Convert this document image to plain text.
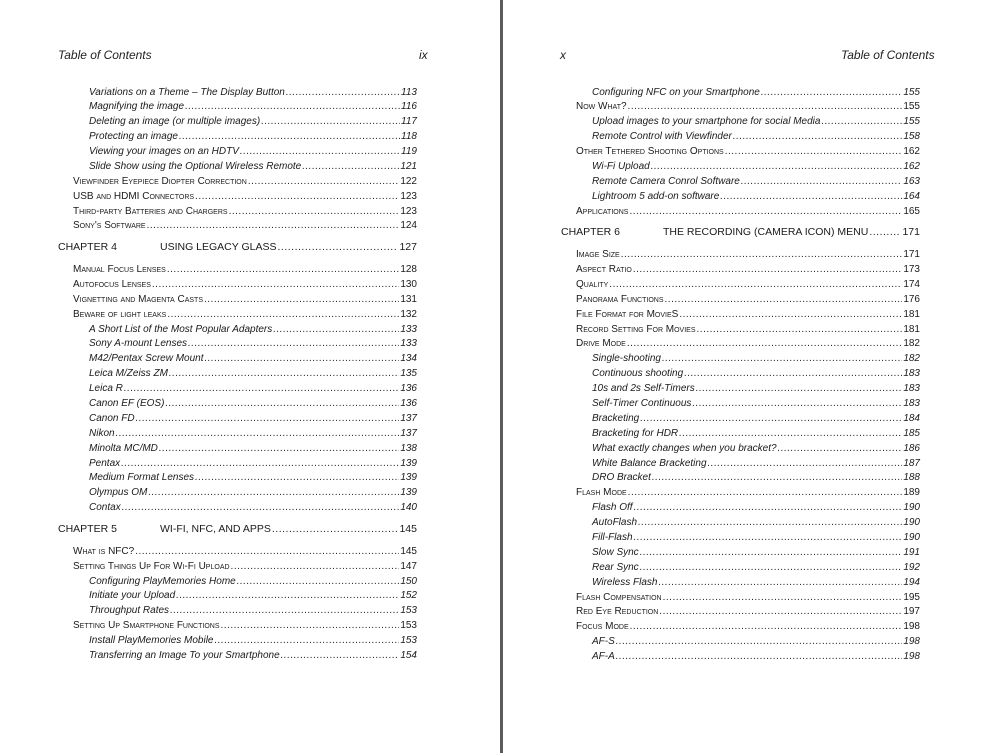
Table of Contents	ix
Variations on a Theme – The Display Button .....	113
Magnifying the image .....	116
Deleting an image (or multiple images) .....	117
Protecting an image .....	118
Viewing your images on an HDTV .....	119
Slide Show using the Optional Wireless Remote .....	121
Viewfinder Eyepiece Diopter Correction .....	122
USB and HDMI Connectors .....	123
Third-party Batteries and Chargers .....	123
Sony's Software .....	124
CHAPTER 4	USING LEGACY GLASS .....	127
Manual Focus Lenses .....	128
Autofocus Lenses .....	130
Vignetting and Magenta Casts .....	131
Beware of light leaks .....	132
A Short List of the Most Popular Adapters .....	133
Sony A-mount Lenses .....	133
M42/Pentax Screw Mount .....	134
Leica M/Zeiss ZM .....	135
Leica R .....	136
Canon EF (EOS) .....	136
Canon FD .....	137
Nikon .....	137
Minolta MC/MD .....	138
Pentax .....	139
Medium Format Lenses .....	139
Olympus OM .....	139
Contax .....	140
CHAPTER 5	WI-FI, NFC, AND APPS .....	145
What is NFC? .....	145
Setting Things Up For Wi-Fi Upload .....	147
Configuring PlayMemories Home .....	150
Initiate your Upload .....	152
Throughput Rates .....	153
Setting Up Smartphone Functions .....	153
Install PlayMemories Mobile .....	153
Transferring an Image To your Smartphone .....	154
x	Table of Contents
Configuring NFC on your Smartphone .....	155
Now What? .....	155
Upload images to your smartphone for social Media .....	155
Remote Control with Viewfinder .....	158
Other Tethered Shooting Options .....	162
Wi-Fi Upload .....	162
Remote Camera Conrol Software .....	163
Lightroom 5 add-on software .....	164
Applications .....	165
CHAPTER 6	THE RECORDING (CAMERA ICON) MENU .....	171
Image Size .....	171
Aspect Ratio .....	173
Quality .....	174
Panorama Functions .....	176
File Format for MovieS .....	181
Record Setting For Movies .....	181
Drive Mode .....	182
Single-shooting .....	182
Continuous shooting .....	183
10s and 2s Self-Timers .....	183
Self-Timer Continuous .....	183
Bracketing .....	184
Bracketing for HDR .....	185
What exactly changes when you bracket? .....	186
White Balance Bracketing .....	187
DRO Bracket .....	188
Flash Mode .....	189
Flash Off .....	190
AutoFlash .....	190
Fill-Flash .....	190
Slow Sync .....	191
Rear Sync .....	192
Wireless Flash .....	194
Flash Compensation .....	195
Red Eye Reduction .....	197
Focus Mode .....	198
AF-S .....	198
AF-A .....	198
